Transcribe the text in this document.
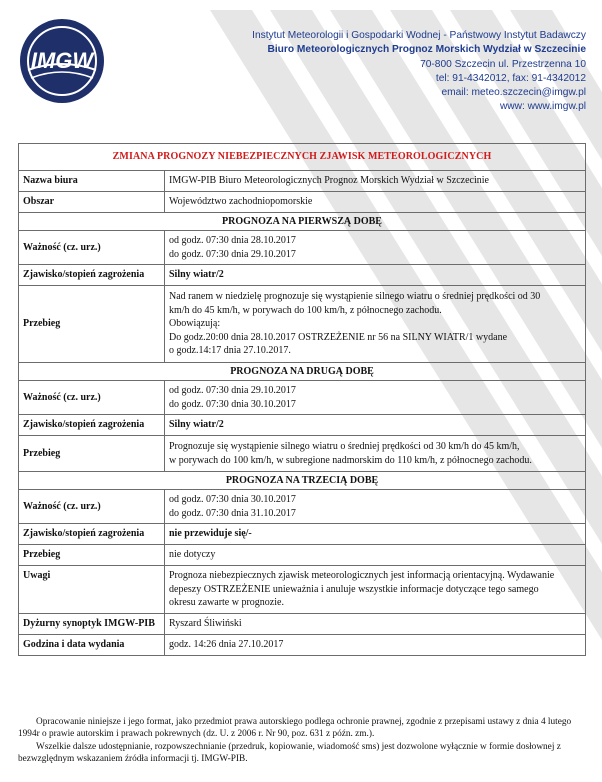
IMGW
Instytut Meteorologii i Gospodarki Wodnej - Państwowy Instytut Badawczy
Biuro Meteorologicznych Prognoz Morskich Wydział w Szczecinie
70-800 Szczecin ul. Przestrzenna 10
tel: 91-4342012, fax: 91-4342012
email: meteo.szczecin@imgw.pl
www: www.imgw.pl
ZMIANA PROGNOZY NIEBEZPIECZNYCH ZJAWISK METEOROLOGICZNYCH	
Nazwa biura	IMGW-PIB Biuro Meteorologicznych Prognoz Morskich Wydział w Szczecinie
Obszar	Województwo zachodniopomorskie
PROGNOZA NA PIERWSZĄ DOBĘ	
Ważność (cz. urz.)	od godz. 07:30 dnia 28.10.2017
do godz. 07:30 dnia 29.10.2017

Zjawisko/stopień zagrożenia	Silny wiatr/2
Przebieg	Nad ranem w niedzielę prognozuje się wystąpienie silnego wiatru o średniej prędkości od 30
km/h do 45 km/h, w porywach do 100 km/h, z północnego zachodu.
Obowiązują:
Do godz.20:00 dnia 28.10.2017 OSTRZEŻENIE nr 56 na SILNY WIATR/1 wydane
o godz.14:17 dnia 27.10.2017.

PROGNOZA NA DRUGĄ DOBĘ	
Ważność (cz. urz.)	od godz. 07:30 dnia 29.10.2017
do godz. 07:30 dnia 30.10.2017

Zjawisko/stopień zagrożenia	Silny wiatr/2
Przebieg	Prognozuje się wystąpienie silnego wiatru o średniej prędkości od 30 km/h do 45 km/h,
w porywach do 100 km/h, w subregione nadmorskim do 110 km/h, z północnego zachodu.

PROGNOZA NA TRZECIĄ DOBĘ	
Ważność (cz. urz.)	od godz. 07:30 dnia 30.10.2017
do godz. 07:30 dnia 31.10.2017

Zjawisko/stopień zagrożenia	nie przewiduje się/-
Przebieg	nie dotyczy
Uwagi	Prognoza niebezpiecznych zjawisk meteorologicznych jest informacją orientacyjną. Wydawanie
depeszy OSTRZEŻENIE unieważnia i anuluje wszystkie informacje dotyczące tego samego
okresu zawarte w prognozie.

Dyżurny synoptyk IMGW-PIB	Ryszard Śliwiński
Godzina i data wydania	godz. 14:26 dnia 27.10.2017

Opracowanie niniejsze i jego format, jako przedmiot prawa autorskiego podlega ochronie prawnej, zgodnie z przepisami ustawy z dnia 4 lutego 1994r o prawie autorskim i prawach pokrewnych (dz. U. z 2006 r. Nr 90, poz. 631 z późn. zm.).

Wszelkie dalsze udostępnianie, rozpowszechnianie (przedruk, kopiowanie, wiadomość sms) jest dozwolone wyłącznie w formie dosłownej z bezwzględnym wskazaniem źródła informacji tj. IMGW-PIB.
